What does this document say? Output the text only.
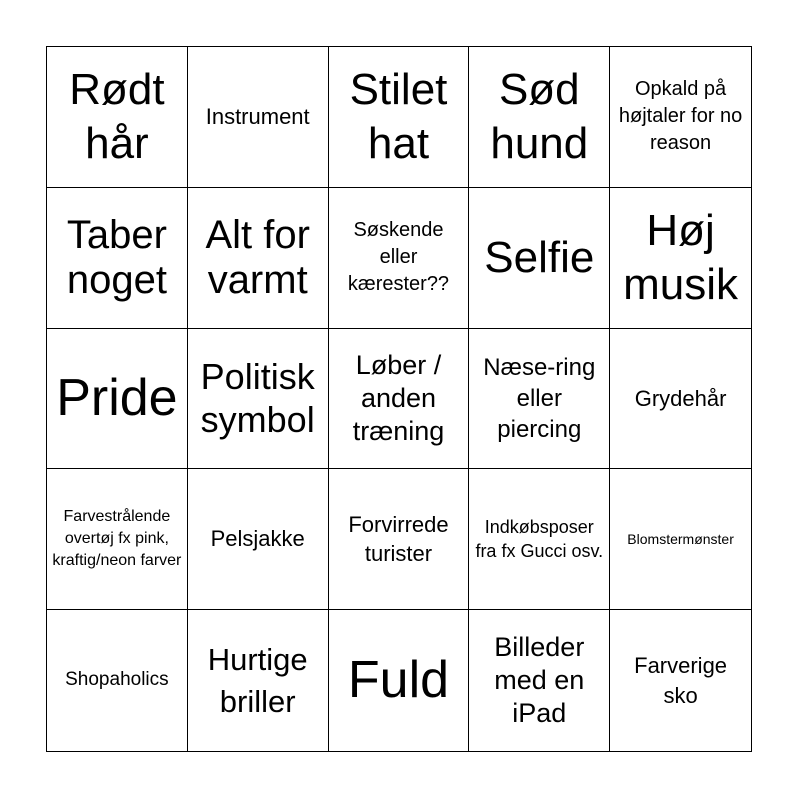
Rødt hår
Instrument
Stilet hat
Sød hund
Opkald på højtaler for no reason
Taber noget
Alt for varmt
Søskende eller kærester??
Selfie
Høj musik
Pride Politisk symbol
Løber / anden træning
Næse-ring eller piercing
Grydehår
Farvestrålende overtøj fx pink, kraftig/neon farver
Pelsjakke
Forvirrede turister
Indkøbsposer fra fx Gucci osv.
Blomstermønster
Shopaholics
Hurtige briller	Fuld
Billeder med en iPad
Farverige sko
